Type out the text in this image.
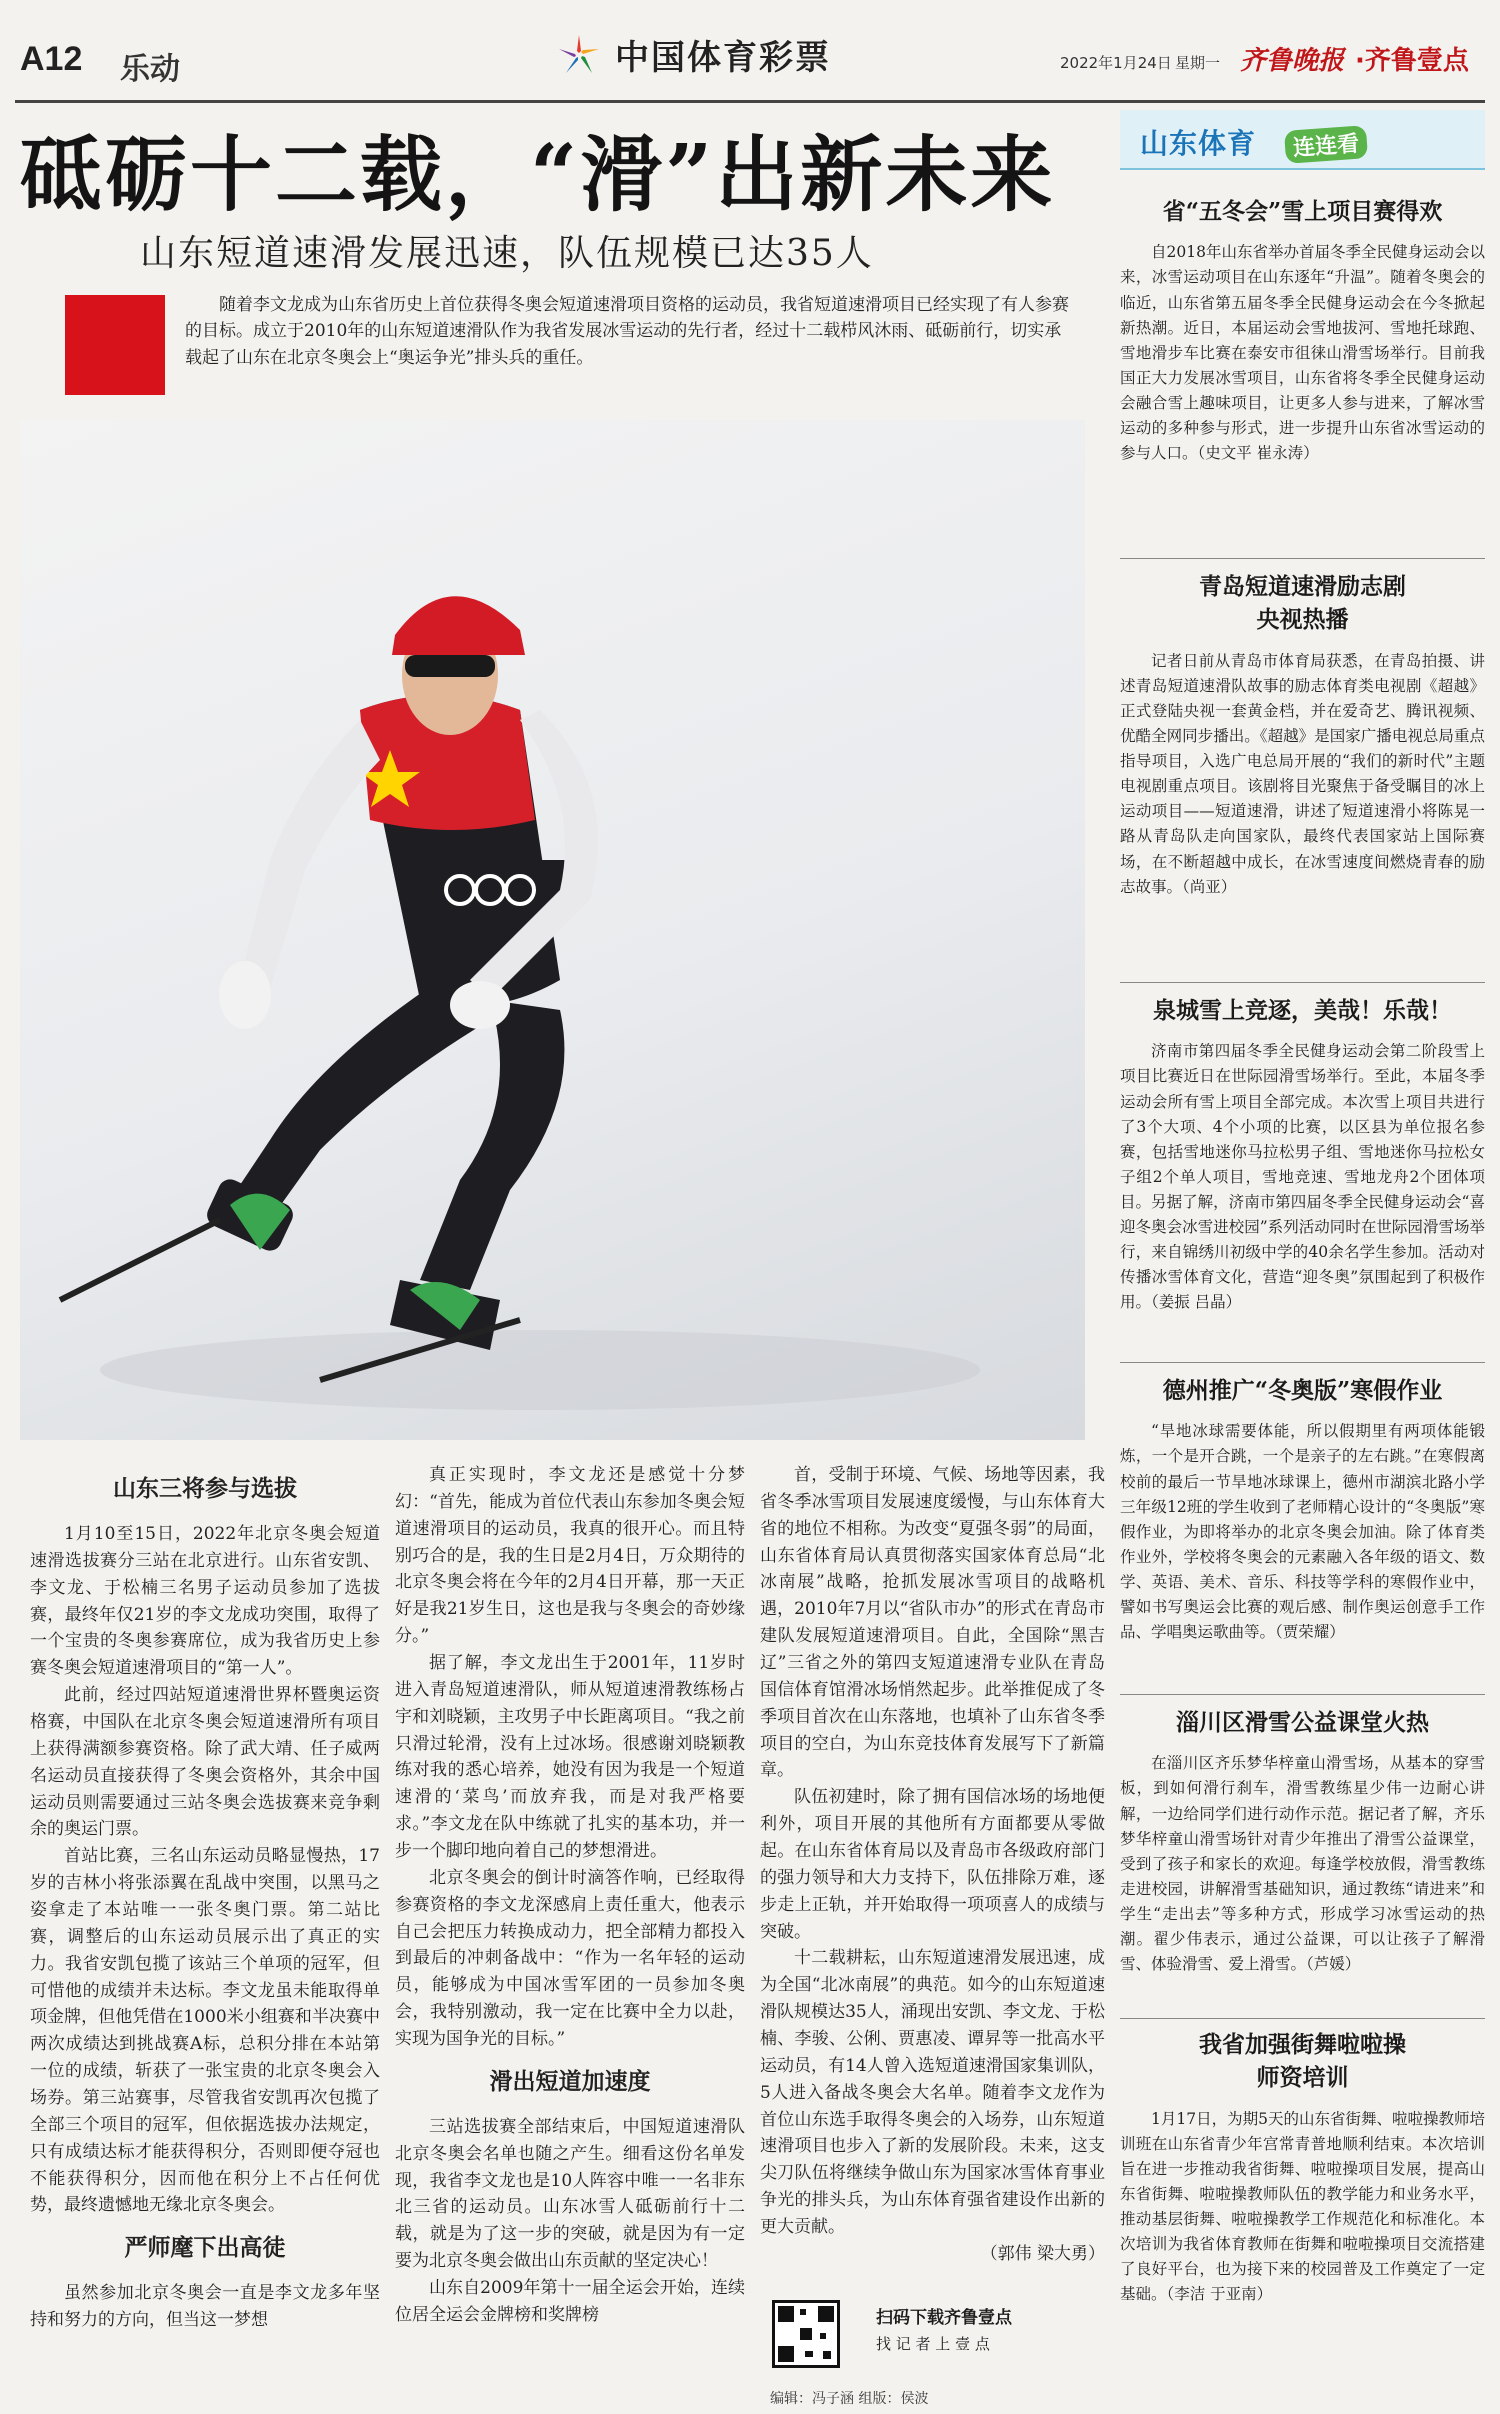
A12 乐动	中国体育彩票	2022年1月24日 星期一 齐鲁晚报 ·齐鲁壹点
砥砺十二载，“滑”出新未来
山东短道速滑发展迅速，队伍规模已达35人

随着李文龙成为山东省历史上首位获得冬奥会短道速滑项目资格的运动员，我省短道速滑项目已经实现了有人参赛的目标。成立于2010年的山东短道速滑队作为我省发展冰雪运动的先行者，经过十二载栉风沐雨、砥砺前行，切实承载起了山东在北京冬奥会上“奥运争光”排头兵的重任。

山东三将参与选拔

1月10至15日，2022年北京冬奥会短道速滑选拔赛分三站在北京进行。山东省安凯、李文龙、于松楠三名男子运动员参加了选拔赛，最终年仅21岁的李文龙成功突围，取得了一个宝贵的冬奥参赛席位，成为我省历史上参赛冬奥会短道速滑项目的“第一人”。

此前，经过四站短道速滑世界杯暨奥运资格赛，中国队在北京冬奥会短道速滑所有项目上获得满额参赛资格。除了武大靖、任子威两名运动员直接获得了冬奥会资格外，其余中国运动员则需要通过三站冬奥会选拔赛来竞争剩余的奥运门票。

首站比赛，三名山东运动员略显慢热，17岁的吉林小将张添翼在乱战中突围，以黑马之姿拿走了本站唯一一张冬奥门票。第二站比赛，调整后的山东运动员展示出了真正的实力。我省安凯包揽了该站三个单项的冠军，但可惜他的成绩并未达标。李文龙虽未能取得单项金牌，但他凭借在1000米小组赛和半决赛中两次成绩达到挑战赛A标，总积分排在本站第一位的成绩，斩获了一张宝贵的北京冬奥会入场券。第三站赛事，尽管我省安凯再次包揽了全部三个项目的冠军，但依据选拔办法规定，只有成绩达标才能获得积分，否则即便夺冠也不能获得积分，因而他在积分上不占任何优势，最终遗憾地无缘北京冬奥会。

严师麾下出高徒

虽然参加北京冬奥会一直是李文龙多年坚持和努力的方向，但当这一梦想

真正实现时，李文龙还是感觉十分梦幻：“首先，能成为首位代表山东参加冬奥会短道速滑项目的运动员，我真的很开心。而且特别巧合的是，我的生日是2月4日，万众期待的北京冬奥会将在今年的2月4日开幕，那一天正好是我21岁生日，这也是我与冬奥会的奇妙缘分。”

据了解，李文龙出生于2001年，11岁时进入青岛短道速滑队，师从短道速滑教练杨占宇和刘晓颖，主攻男子中长距离项目。“我之前只滑过轮滑，没有上过冰场。很感谢刘晓颖教练对我的悉心培养，她没有因为我是一个短道速滑的‘菜鸟’而放弃我，而是对我严格要求。”李文龙在队中练就了扎实的基本功，并一步一个脚印地向着自己的梦想滑进。

北京冬奥会的倒计时滴答作响，已经取得参赛资格的李文龙深感肩上责任重大，他表示自己会把压力转换成动力，把全部精力都投入到最后的冲刺备战中：“作为一名年轻的运动员，能够成为中国冰雪军团的一员参加冬奥会，我特别激动，我一定在比赛中全力以赴，实现为国争光的目标。”

滑出短道加速度

三站选拔赛全部结束后，中国短道速滑队北京冬奥会名单也随之产生。细看这份名单发现，我省李文龙也是10人阵容中唯一一名非东北三省的运动员。山东冰雪人砥砺前行十二载，就是为了这一步的突破，就是因为有一定要为北京冬奥会做出山东贡献的坚定决心！

山东自2009年第十一届全运会开始，连续位居全运会金牌榜和奖牌榜

首，受制于环境、气候、场地等因素，我省冬季冰雪项目发展速度缓慢，与山东体育大省的地位不相称。为改变“夏强冬弱”的局面，山东省体育局认真贯彻落实国家体育总局“北冰南展”战略，抢抓发展冰雪项目的战略机遇，2010年7月以“省队市办”的形式在青岛市建队发展短道速滑项目。自此，全国除“黑吉辽”三省之外的第四支短道速滑专业队在青岛国信体育馆滑冰场悄然起步。此举推促成了冬季项目首次在山东落地，也填补了山东省冬季项目的空白，为山东竞技体育发展写下了新篇章。

队伍初建时，除了拥有国信冰场的场地便利外，项目开展的其他所有方面都要从零做起。在山东省体育局以及青岛市各级政府部门的强力领导和大力支持下，队伍排除万难，逐步走上正轨，并开始取得一项项喜人的成绩与突破。

十二载耕耘，山东短道速滑发展迅速，成为全国“北冰南展”的典范。如今的山东短道速滑队规模达35人，涌现出安凯、李文龙、于松楠、李骏、公俐、贾惠凌、谭昇等一批高水平运动员，有14人曾入选短道速滑国家集训队，5人进入备战冬奥会大名单。随着李文龙作为首位山东选手取得冬奥会的入场券，山东短道速滑项目也步入了新的发展阶段。未来，这支尖刀队伍将继续争做山东为国家冰雪体育事业争光的排头兵，为山东体育强省建设作出新的更大贡献。

（郭伟 梁大勇）

扫码下载齐鲁壹点
找 记 者 上 壹 点
编辑：冯子涵 组版：侯波
山东体育	连连看
省“五冬会”雪上项目赛得欢

自2018年山东省举办首届冬季全民健身运动会以来，冰雪运动项目在山东逐年“升温”。随着冬奥会的临近，山东省第五届冬季全民健身运动会在今冬掀起新热潮。近日，本届运动会雪地拔河、雪地托球跑、雪地滑步车比赛在泰安市徂徕山滑雪场举行。目前我国正大力发展冰雪项目，山东省将冬季全民健身运动会融合雪上趣味项目，让更多人参与进来，了解冰雪运动的多种参与形式，进一步提升山东省冰雪运动的参与人口。（史文平 崔永涛）

青岛短道速滑励志剧央视热播

记者日前从青岛市体育局获悉，在青岛拍摄、讲述青岛短道速滑队故事的励志体育类电视剧《超越》正式登陆央视一套黄金档，并在爱奇艺、腾讯视频、优酷全网同步播出。《超越》是国家广播电视总局重点指导项目，入选广电总局开展的“我们的新时代”主题电视剧重点项目。该剧将目光聚焦于备受瞩目的冰上运动项目——短道速滑，讲述了短道速滑小将陈晃一路从青岛队走向国家队，最终代表国家站上国际赛场，在不断超越中成长，在冰雪速度间燃烧青春的励志故事。（尚亚）

泉城雪上竞逐，美哉！乐哉！

济南市第四届冬季全民健身运动会第二阶段雪上项目比赛近日在世际园滑雪场举行。至此，本届冬季运动会所有雪上项目全部完成。本次雪上项目共进行了3个大项、4个小项的比赛，以区县为单位报名参赛，包括雪地迷你马拉松男子组、雪地迷你马拉松女子组2个单人项目，雪地竞速、雪地龙舟2个团体项目。另据了解，济南市第四届冬季全民健身运动会“喜迎冬奥会冰雪进校园”系列活动同时在世际园滑雪场举行，来自锦绣川初级中学的40余名学生参加。活动对传播冰雪体育文化，营造“迎冬奥”氛围起到了积极作用。（姜振 吕晶）

德州推广“冬奥版”寒假作业

“旱地冰球需要体能，所以假期里有两项体能锻炼，一个是开合跳，一个是亲子的左右跳。”在寒假离校前的最后一节旱地冰球课上，德州市湖滨北路小学三年级12班的学生收到了老师精心设计的“冬奥版”寒假作业，为即将举办的北京冬奥会加油。除了体育类作业外，学校将冬奥会的元素融入各年级的语文、数学、英语、美术、音乐、科技等学科的寒假作业中，譬如书写奥运会比赛的观后感、制作奥运创意手工作品、学唱奥运歌曲等。（贾荣耀）

淄川区滑雪公益课堂火热

在淄川区齐乐梦华梓童山滑雪场，从基本的穿雪板，到如何滑行刹车，滑雪教练星少伟一边耐心讲解，一边给同学们进行动作示范。据记者了解，齐乐梦华梓童山滑雪场针对青少年推出了滑雪公益课堂，受到了孩子和家长的欢迎。每逢学校放假，滑雪教练走进校园，讲解滑雪基础知识，通过教练“请进来”和学生“走出去”等多种方式，形成学习冰雪运动的热潮。翟少伟表示，通过公益课，可以让孩子了解滑雪、体验滑雪、爱上滑雪。（芦媛）

我省加强街舞啦啦操师资培训

1月17日，为期5天的山东省街舞、啦啦操教师培训班在山东省青少年宫常青普地顺利结束。本次培训旨在进一步推动我省街舞、啦啦操项目发展，提高山东省街舞、啦啦操教师队伍的教学能力和业务水平，推动基层街舞、啦啦操教学工作规范化和标准化。本次培训为我省体育教师在街舞和啦啦操项目交流搭建了良好平台，也为接下来的校园普及工作奠定了一定基础。（李洁 于亚南）
